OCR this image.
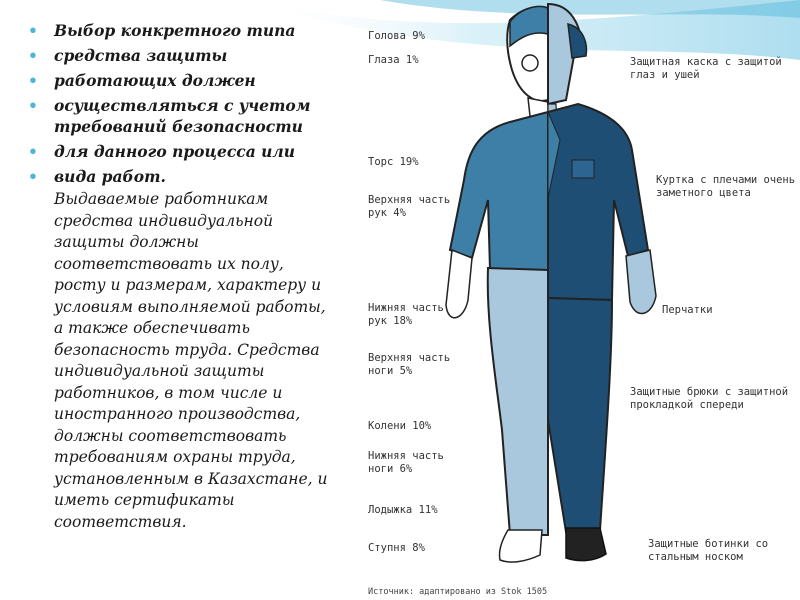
• Выбор конкретного типа
• средства защиты
• работающих должен
• осуществляться с учетом требований безопасности
• для данного процесса или
• вида работ.
Выдаваемые работникам
средства индивидуальной
защиты должны
соответствовать их полу,
росту и размерам, характеру и
условиям выполняемой работы,
а также обеспечивать
безопасность труда. Средства
индивидуальной защиты
работников, в том числе и
иностранного производства,
должны соответствовать
требованиям охраны труда,
установленным в Казахстане, и
иметь сертификаты
соответствия.
Голова 9%
Глаза 1%
Торс 19%
Верхняя часть
рук 4%
Нижняя часть
рук 18%
Верхняя часть
ноги 5%
Колени 10%
Нижняя часть
ноги 6%
Лодыжка 11%
Ступня 8%
Защитная каска с защитой
глаз и ушей
Куртка с плечами очень
заметного цвета
Перчатки
Защитные брюки с защитной
прокладкой спереди
Защитные ботинки со
стальным носком
Источник: адаптировано из Stok 1505
